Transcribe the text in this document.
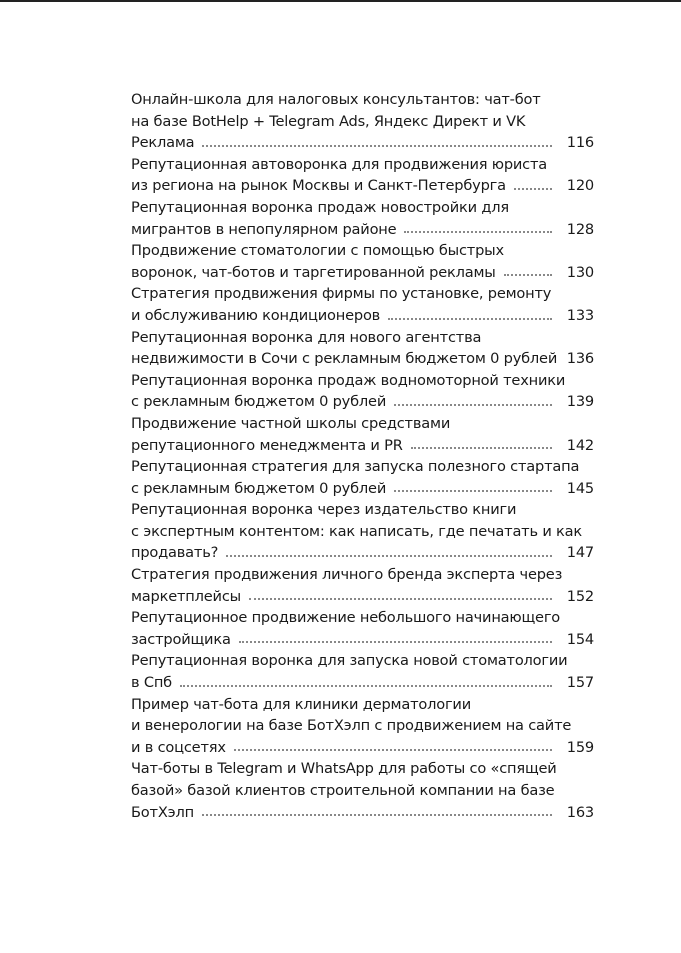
Онлайн-школа для налоговых консультантов: чат-бот
на базе BotHelp + Telegram Ads, Яндекс Директ и VK
Реклама	116
Репутационная автоворонка для продвижения юриста
из региона на рынок Москвы и Санкт-Петербурга	120
Репутационная воронка продаж новостройки для
мигрантов в непопулярном районе	128
Продвижение стоматологии с помощью быстрых
воронок, чат-ботов и таргетированной рекламы	130
Стратегия продвижения фирмы по установке, ремонту
и обслуживанию кондиционеров	133
Репутационная воронка для нового агентства
недвижимости в Сочи с рекламным бюджетом 0 рублей 136
Репутационная воронка продаж водномоторной техники
с рекламным бюджетом 0 рублей	139
Продвижение частной школы средствами
репутационного менеджмента и PR	142
Репутационная стратегия для запуска полезного стартапа
с рекламным бюджетом 0 рублей	145
Репутационная воронка через издательство книги
с экспертным контентом: как написать, где печатать и как
продавать?	147
Стратегия продвижения личного бренда эксперта через
маркетплейсы	152
Репутационное продвижение небольшого начинающего
застройщика	154
Репутационная воронка для запуска новой стоматологии
в Спб	157
Пример чат-бота для клиники дерматологии
и венерологии на базе БотХэлп с продвижением на сайте
и в соцсетях	159
Чат-боты в Telegram и WhatsApp для работы со «спящей
базой» базой клиентов строительной компании на базе
БотХэлп	163
